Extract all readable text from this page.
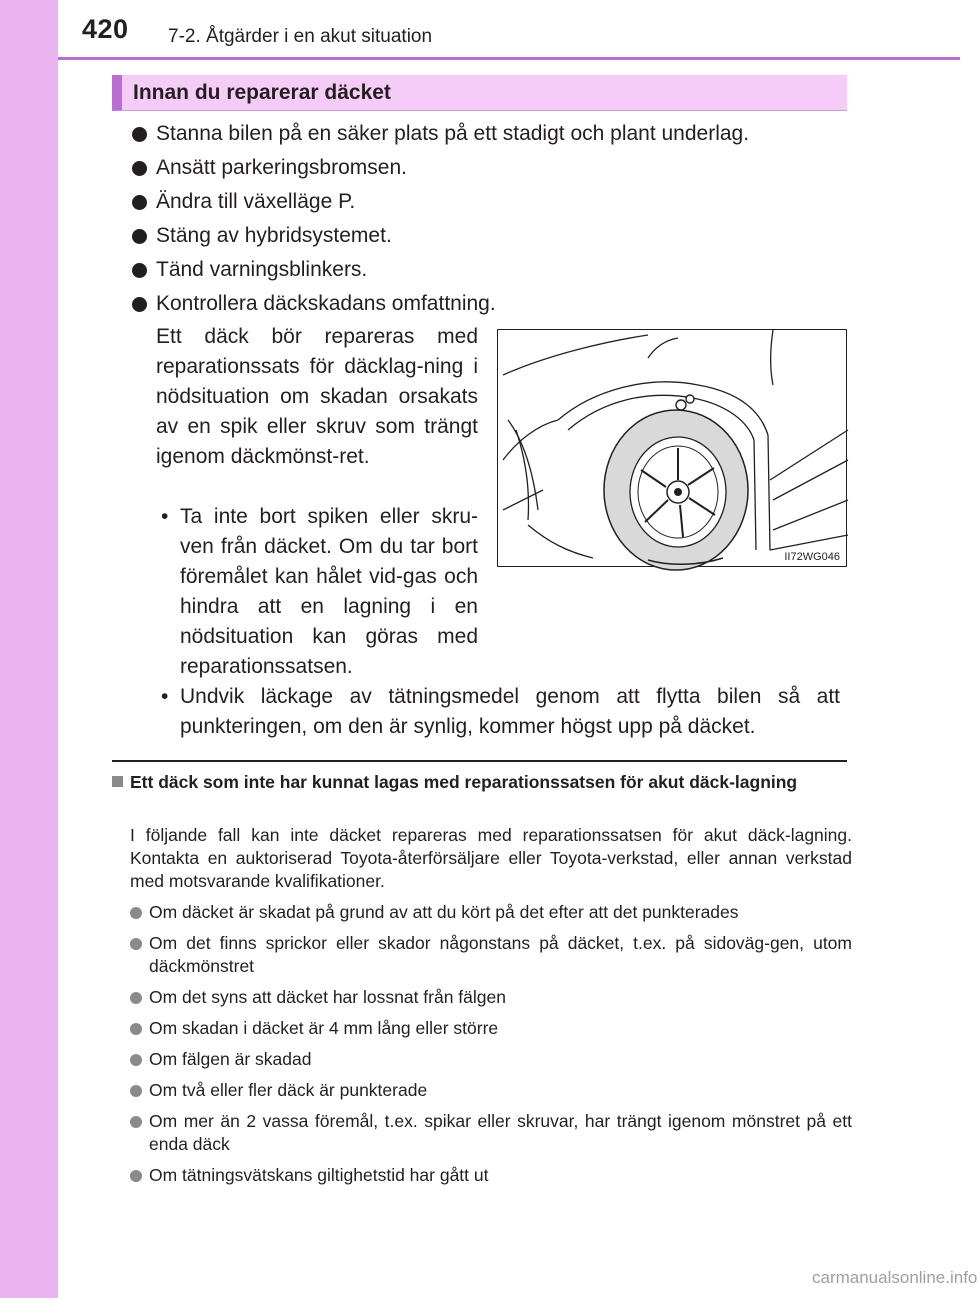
420 7-2. Åtgärder i en akut situation
Innan du reparerar däcket
Stanna bilen på en säker plats på ett stadigt och plant underlag.
Ansätt parkeringsbromsen.
Ändra till växelläge P.
Stäng av hybridsystemet.
Tänd varningsblinkers.
Kontrollera däckskadans omfattning.
Ett däck bör repareras med reparationssats för däcklag-ning i nödsituation om skadan orsakats av en spik eller skruv som trängt igenom däckmönst-ret.
• Ta inte bort spiken eller skru-ven från däcket. Om du tar bort föremålet kan hålet vid-gas och hindra att en lagning i en nödsituation kan göras med reparationssatsen.
• Undvik läckage av tätningsmedel genom att flytta bilen så att punkteringen, om den är synlig, kommer högst upp på däcket.
II72WG046
Ett däck som inte har kunnat lagas med reparationssatsen för akut däck-lagning
I följande fall kan inte däcket repareras med reparationssatsen för akut däck-lagning. Kontakta en auktoriserad Toyota-återförsäljare eller Toyota-verkstad, eller annan verkstad med motsvarande kvalifikationer.
Om däcket är skadat på grund av att du kört på det efter att det punkterades
Om det finns sprickor eller skador någonstans på däcket, t.ex. på sidoväg-gen, utom däckmönstret
Om det syns att däcket har lossnat från fälgen
Om skadan i däcket är 4 mm lång eller större
Om fälgen är skadad
Om två eller fler däck är punkterade
Om mer än 2 vassa föremål, t.ex. spikar eller skruvar, har trängt igenom mönstret på ett enda däck
Om tätningsvätskans giltighetstid har gått ut
carmanualsonline.info
